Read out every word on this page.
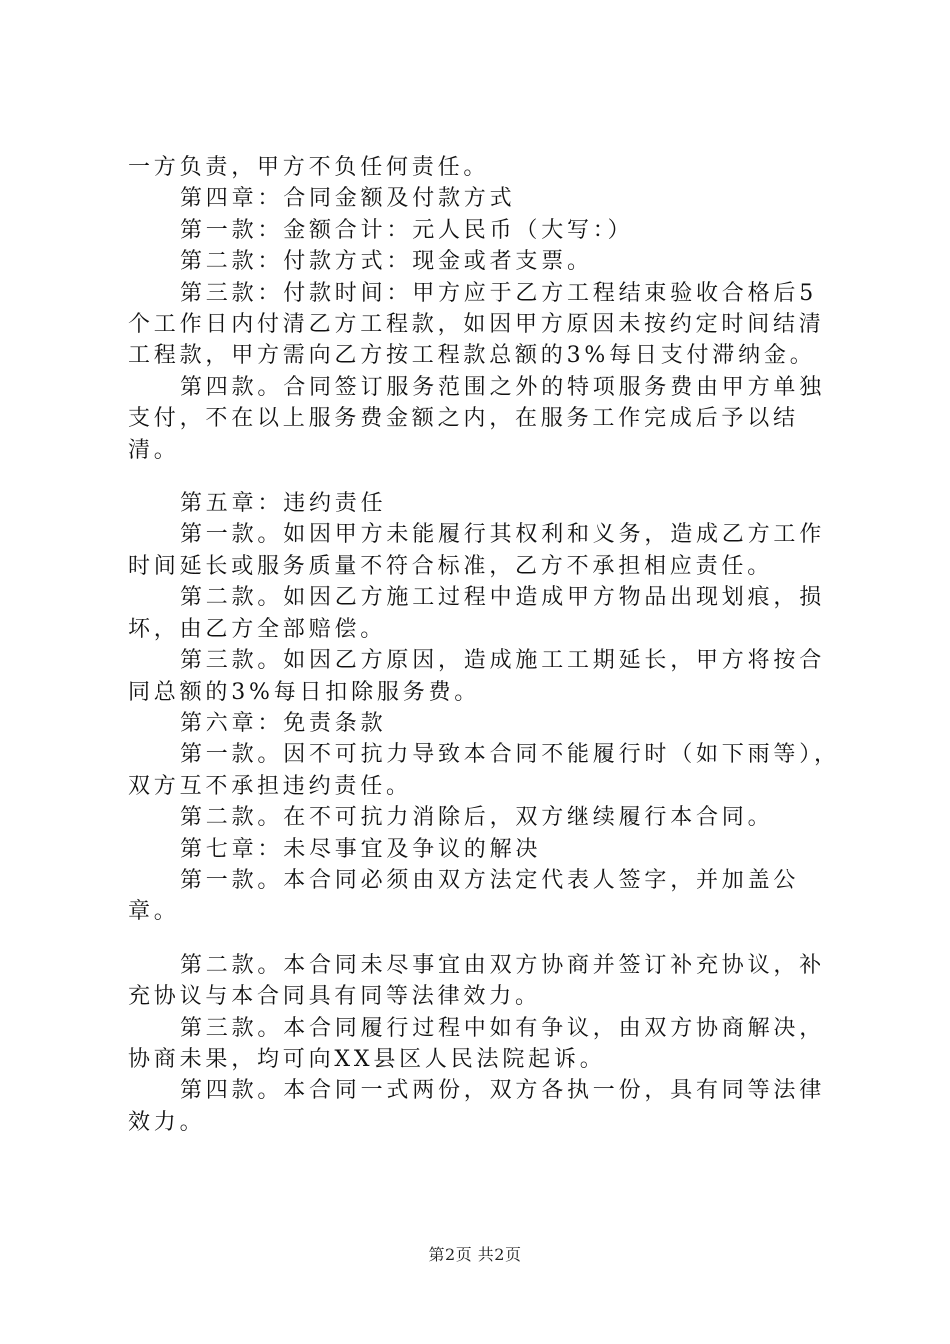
一方负责，甲方不负任何责任。

第四章：合同金额及付款方式

第一款：金额合计：元人民币（大写：）

第二款：付款方式：现金或者支票。

第三款：付款时间：甲方应于乙方工程结束验收合格后5个工作日内付清乙方工程款，如因甲方原因未按约定时间结清工程款，甲方需向乙方按工程款总额的3%每日支付滞纳金。

第四款。合同签订服务范围之外的特项服务费由甲方单独支付，不在以上服务费金额之内，在服务工作完成后予以结清。

第五章：违约责任

第一款。如因甲方未能履行其权利和义务，造成乙方工作时间延长或服务质量不符合标准，乙方不承担相应责任。

第二款。如因乙方施工过程中造成甲方物品出现划痕，损坏，由乙方全部赔偿。

第三款。如因乙方原因，造成施工工期延长，甲方将按合同总额的3%每日扣除服务费。

第六章：免责条款

第一款。因不可抗力导致本合同不能履行时（如下雨等），双方互不承担违约责任。

第二款。在不可抗力消除后，双方继续履行本合同。

第七章：未尽事宜及争议的解决

第一款。本合同必须由双方法定代表人签字，并加盖公章。

第二款。本合同未尽事宜由双方协商并签订补充协议，补充协议与本合同具有同等法律效力。

第三款。本合同履行过程中如有争议，由双方协商解决，协商未果，均可向XX县区人民法院起诉。

第四款。本合同一式两份，双方各执一份，具有同等法律效力。

第2页 共2页
